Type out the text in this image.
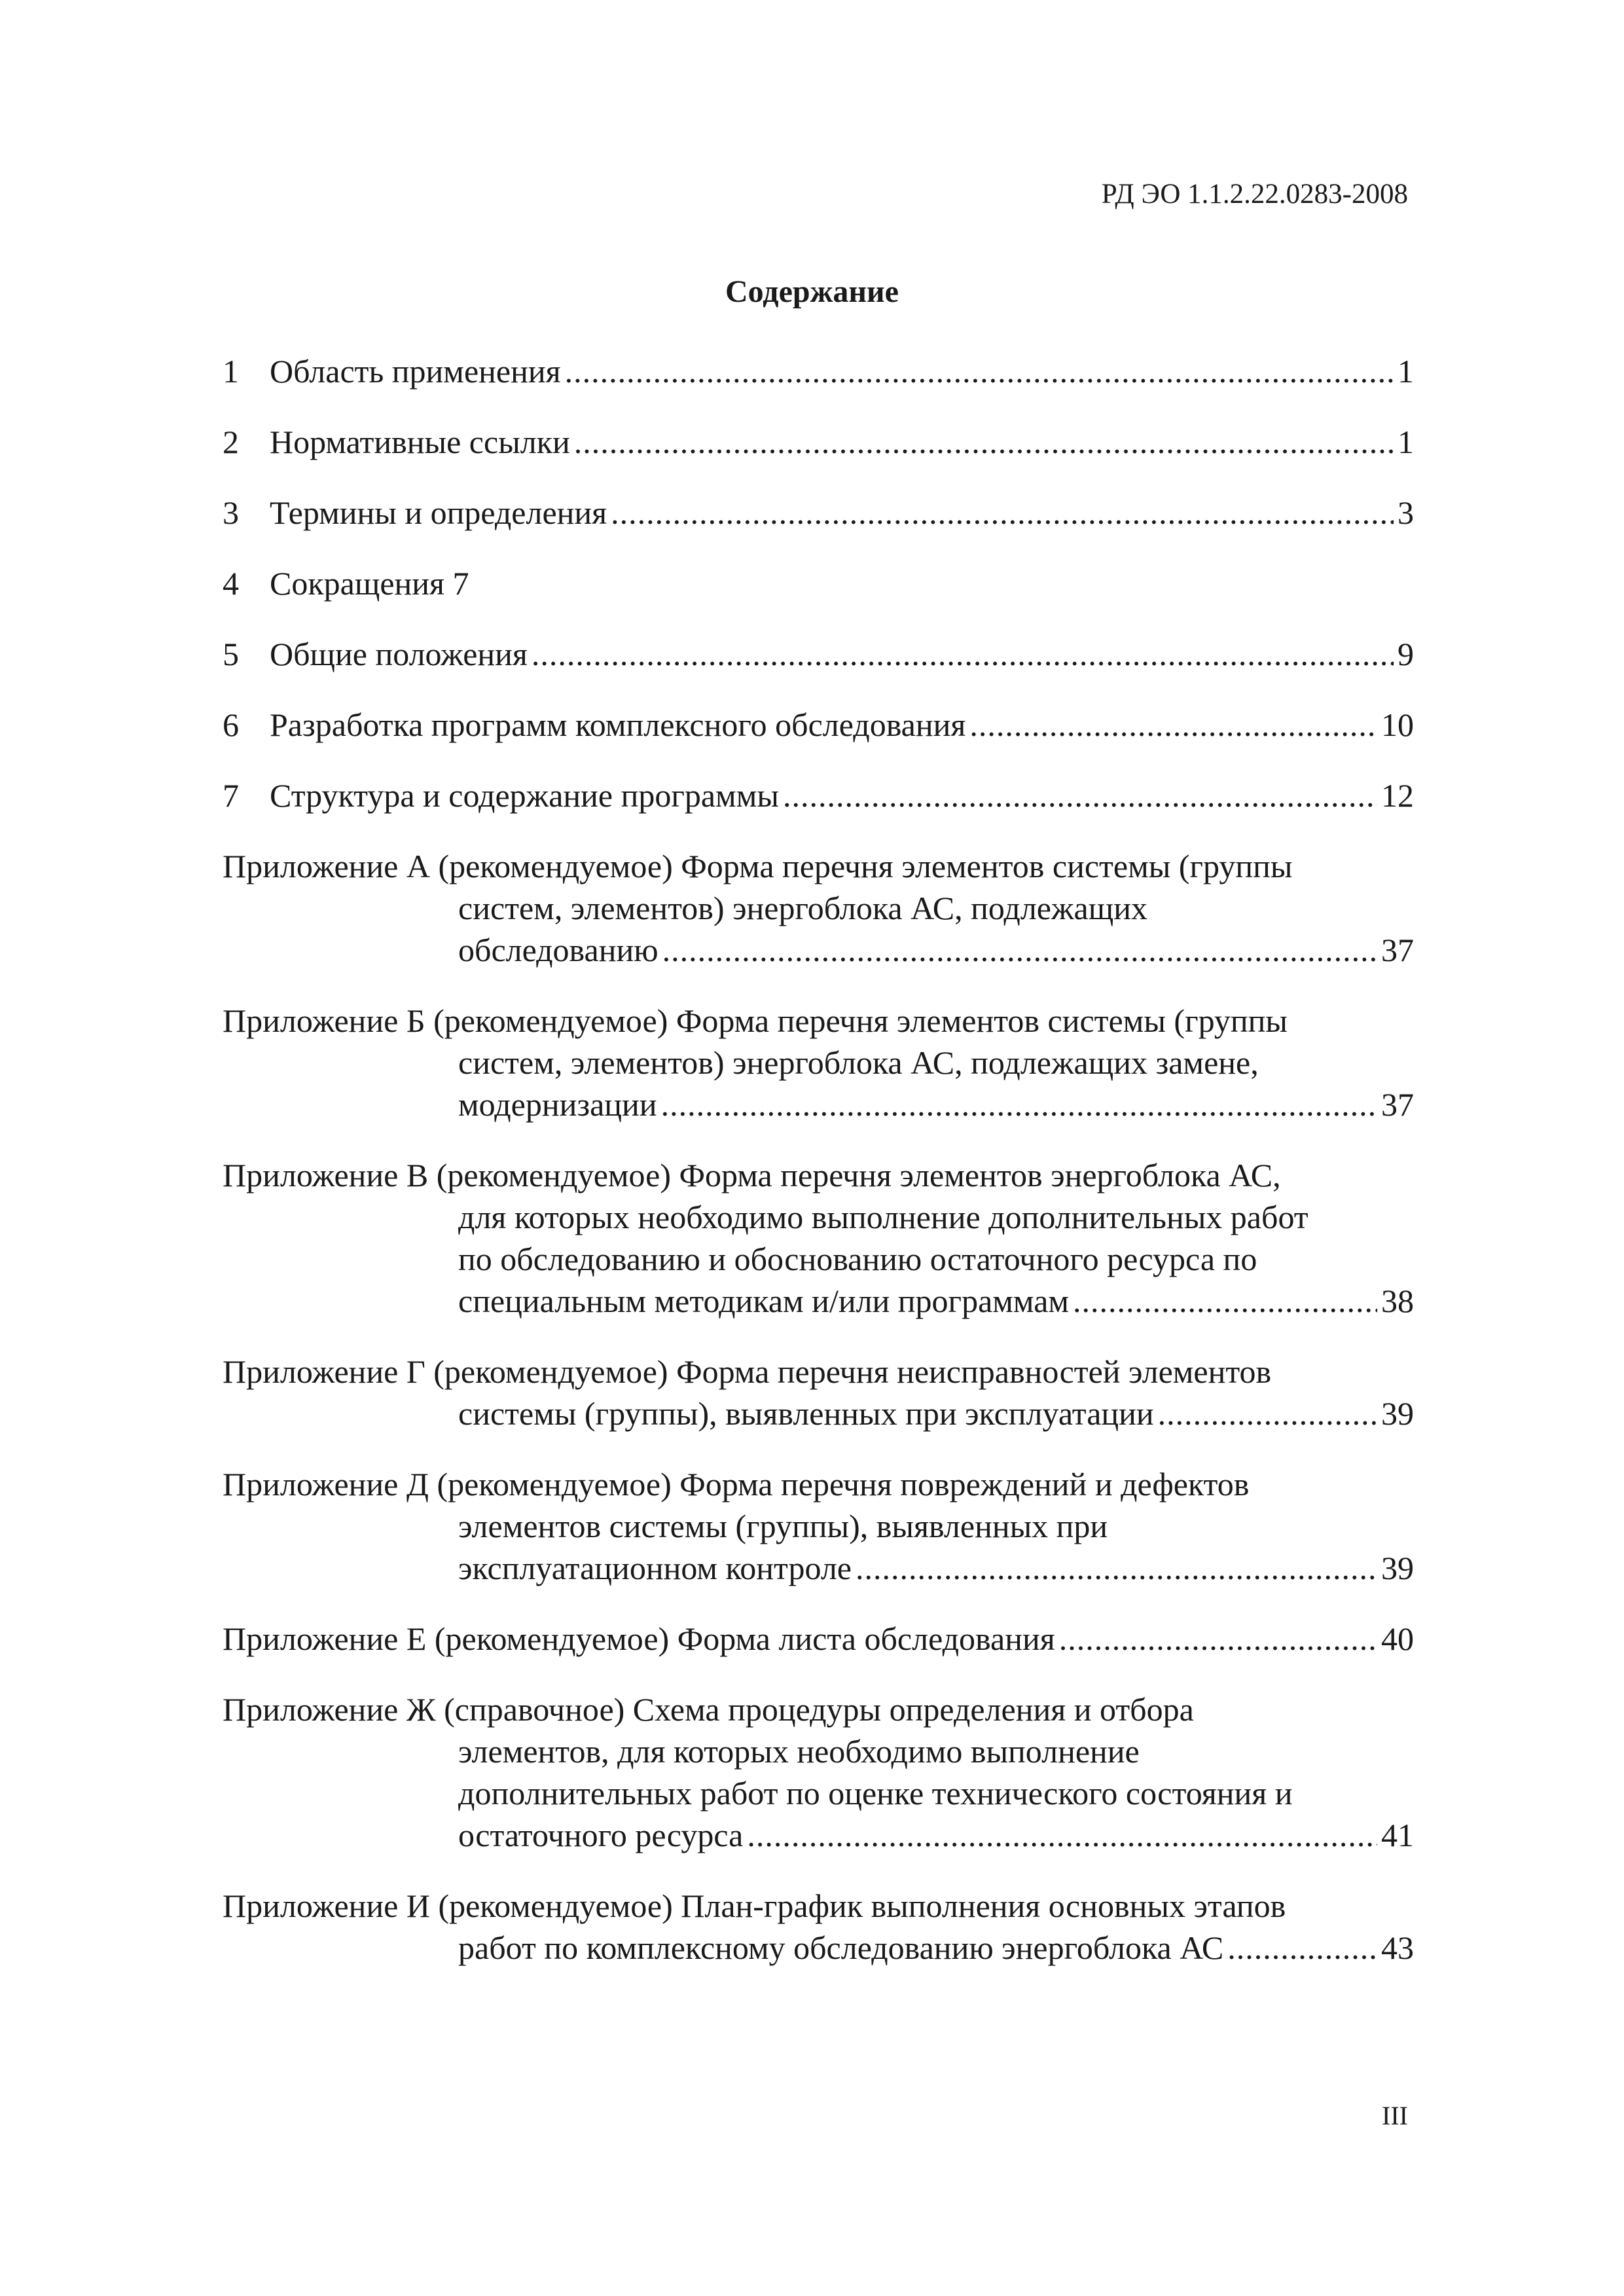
РД ЭО 1.1.2.22.0283-2008
Содержание
1 Область применения .....	1
2 Нормативные ссылки .....	1
3 Термины и определения .....	3
4 Сокращения 7
5 Общие положения .....	9
6 Разработка программ комплексного обследования .....	10
7 Структура и содержание программы .....	12
Приложение А (рекомендуемое) Форма перечня элементов системы (группы
систем, элементов) энергоблока АС, подлежащих
обследованию .....	37
Приложение Б (рекомендуемое) Форма перечня элементов системы (группы
систем, элементов) энергоблока АС, подлежащих замене,
модернизации .....	37
Приложение В (рекомендуемое) Форма перечня элементов энергоблока АС,
для которых необходимо выполнение дополнительных работ
по обследованию и обоснованию остаточного ресурса по
специальным методикам и/или программам .....	38
Приложение Г (рекомендуемое) Форма перечня неисправностей элементов
системы (группы), выявленных при эксплуатации .....	39
Приложение Д (рекомендуемое) Форма перечня повреждений и дефектов
элементов системы (группы), выявленных при
эксплуатационном контроле .....	39
Приложение Е (рекомендуемое) Форма листа обследования .....	40
Приложение Ж (справочное) Схема процедуры определения и отбора
элементов, для которых необходимо выполнение
дополнительных работ по оценке технического состояния и
остаточного ресурса .....	41
Приложение И (рекомендуемое) План-график выполнения основных этапов
работ по комплексному обследованию энергоблока АС .....	43
III
